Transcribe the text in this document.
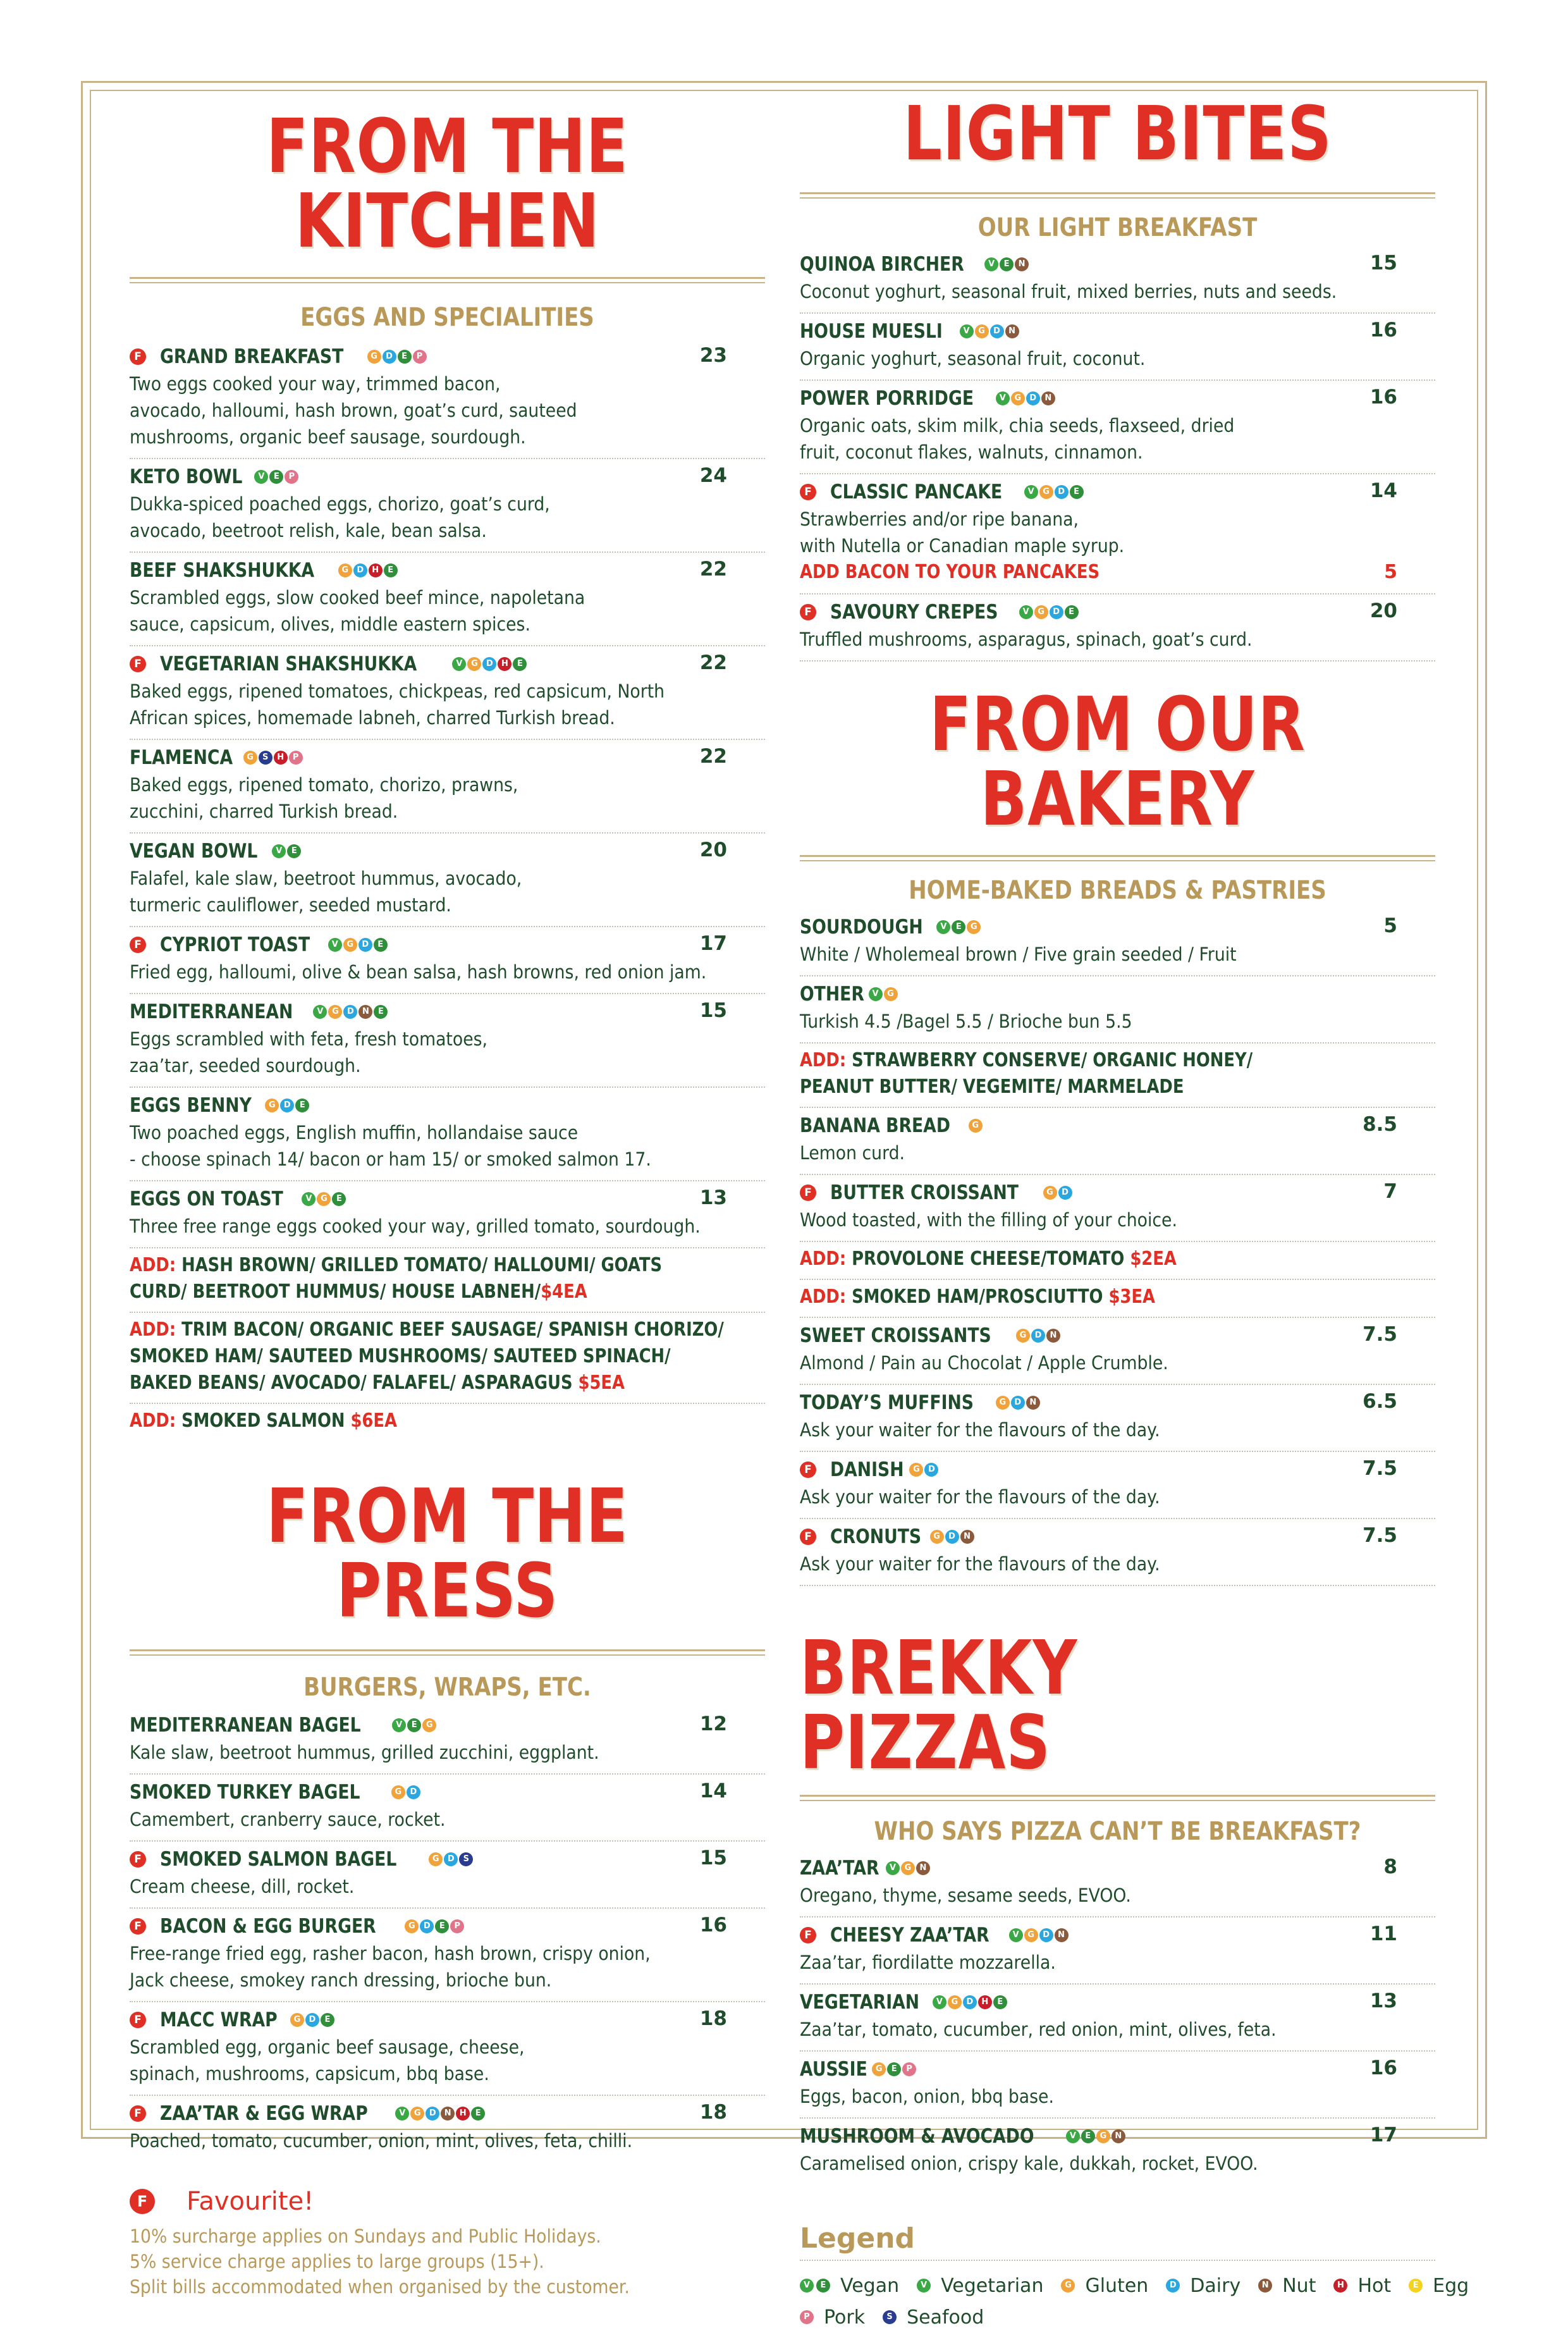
FROM THE KITCHEN
EGGS AND SPECIALITIES
F GRAND BREAKFAST	G	D	E	P	23
Two eggs cooked your way, trimmed bacon,
avocado, halloumi, hash brown, goat’s curd, sauteed
mushrooms, organic beef sausage, sourdough.
KETO BOWL	V	E	P	24
Dukka-spiced poached eggs, chorizo, goat’s curd,
avocado, beetroot relish, kale, bean salsa.
BEEF SHAKSHUKKA	G	D	H	E	22
Scrambled eggs, slow cooked beef mince, napoletana
sauce, capsicum, olives, middle eastern spices.
F VEGETARIAN SHAKSHUKKA	V	G	D	H	E	22
Baked eggs, ripened tomatoes, chickpeas, red capsicum, North
African spices, homemade labneh, charred Turkish bread.
FLAMENCA	G	S	H	P	22
Baked eggs, ripened tomato, chorizo, prawns,
zucchini, charred Turkish bread.
VEGAN BOWL	V	E	20
Falafel, kale slaw, beetroot hummus, avocado,
turmeric cauliflower, seeded mustard.
F CYPRIOT TOAST	V	G	D	E	17
Fried egg, halloumi, olive & bean salsa, hash browns, red onion jam.
MEDITERRANEAN	V	G	D	N	E	15
Eggs scrambled with feta, fresh tomatoes,
zaa’tar, seeded sourdough.
EGGS BENNY	G	D	E
Two poached eggs, English muffin, hollandaise sauce
- choose spinach 14/ bacon or ham 15/ or smoked salmon 17.
EGGS ON TOAST	V	G	E	13
Three free range eggs cooked your way, grilled tomato, sourdough.
ADD: HASH BROWN/ GRILLED TOMATO/ HALLOUMI/ GOATS
CURD/ BEETROOT HUMMUS/ HOUSE LABNEH/$4EA
ADD: TRIM BACON/ ORGANIC BEEF SAUSAGE/ SPANISH CHORIZO/
SMOKED HAM/ SAUTEED MUSHROOMS/ SAUTEED SPINACH/
BAKED BEANS/ AVOCADO/ FALAFEL/ ASPARAGUS $5EA
ADD: SMOKED SALMON $6EA
FROM THE PRESS
BURGERS, WRAPS, ETC.
MEDITERRANEAN BAGEL	V	E	G	12
Kale slaw, beetroot hummus, grilled zucchini, eggplant.
SMOKED TURKEY BAGEL	G	D	14
Camembert, cranberry sauce, rocket.
F SMOKED SALMON BAGEL	G	D	S	15
Cream cheese, dill, rocket.
F BACON & EGG BURGER	G	D	E	P	16
Free-range fried egg, rasher bacon, hash brown, crispy onion,
Jack cheese, smokey ranch dressing, brioche bun.
F MACC WRAP	G	D	E	18
Scrambled egg, organic beef sausage, cheese,
spinach, mushrooms, capsicum, bbq base.
F ZAA’TAR & EGG WRAP	V	G	D	N	H	E	18
Poached, tomato, cucumber, onion, mint, olives, feta, chilli.
F Favourite!
10% surcharge applies on Sundays and Public Holidays.
5% service charge applies to large groups (15+).
Split bills accommodated when organised by the customer.
LIGHT BITES
OUR LIGHT BREAKFAST
QUINOA BIRCHER	V	E	N	15
Coconut yoghurt, seasonal fruit, mixed berries, nuts and seeds.
HOUSE MUESLI	V	G	D	N	16
Organic yoghurt, seasonal fruit, coconut.
POWER PORRIDGE	V	G	D	N	16
Organic oats, skim milk, chia seeds, flaxseed, dried
fruit, coconut flakes, walnuts, cinnamon.
F CLASSIC PANCAKE	V	G	D	E	14
Strawberries and/or ripe banana,
with Nutella or Canadian maple syrup.
ADD BACON TO YOUR PANCAKES	5
F SAVOURY CREPES	V	G	D	E	20
Truffled mushrooms, asparagus, spinach, goat’s curd.
FROM OUR BAKERY
HOME-BAKED BREADS & PASTRIES
SOURDOUGH	V	E	G	5
White / Wholemeal brown / Five grain seeded / Fruit
OTHER V	G
Turkish 4.5 /Bagel 5.5 / Brioche bun 5.5
ADD: STRAWBERRY CONSERVE/ ORGANIC HONEY/
PEANUT BUTTER/ VEGEMITE/ MARMELADE
BANANA BREAD	G	8.5
Lemon curd.
F BUTTER CROISSANT	G	D	7
Wood toasted, with the filling of your choice.
ADD: PROVOLONE CHEESE/TOMATO $2EA
ADD: SMOKED HAM/PROSCIUTTO $3EA
SWEET CROISSANTS	G	D	N	7.5
Almond / Pain au Chocolat / Apple Crumble.
TODAY’S MUFFINS	G	D	N	6.5
Ask your waiter for the flavours of the day.
F DANISH	G	D	7.5
Ask your waiter for the flavours of the day.
F CRONUTS	G	D	N	7.5
Ask your waiter for the flavours of the day.
BREKKY PIZZAS
WHO SAYS PIZZA CAN’T BE BREAKFAST?
ZAA’TAR	V	G	N	8
Oregano, thyme, sesame seeds, EVOO.
F CHEESY ZAA’TAR	V	G	D	N	11
Zaa’tar, fiordilatte mozzarella.
VEGETARIAN	V	G	D	H	E	13
Zaa’tar, tomato, cucumber, red onion, mint, olives, feta.
AUSSIE	G	E	P	16
Eggs, bacon, onion, bbq base.
MUSHROOM & AVOCADO	V	E	G	N	17
Caramelised onion, crispy kale, dukkah, rocket, EVOO.
Legend
V	E Vegan	V Vegetarian	G Gluten	D Dairy	N Nut	H Hot	E Egg
P Pork	S Seafood
